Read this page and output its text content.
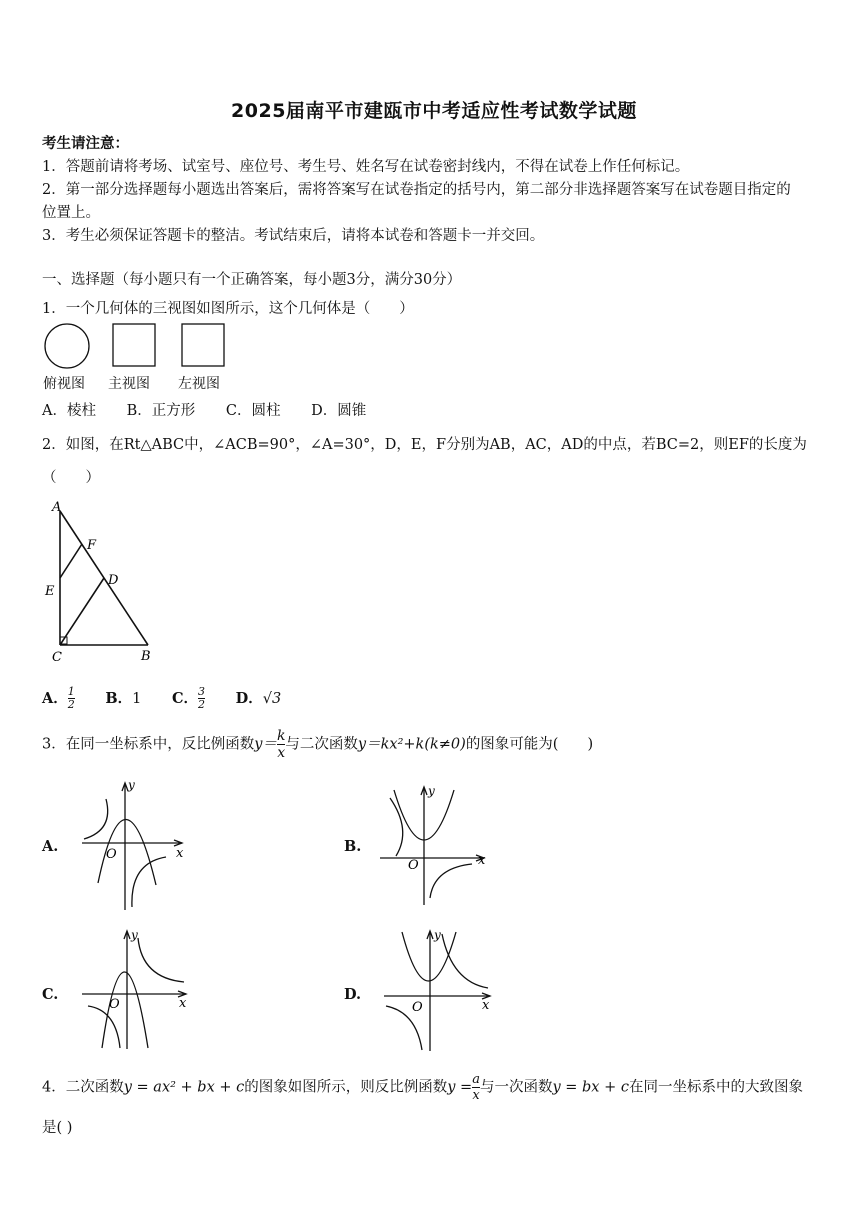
2025届南平市建瓯市中考适应性考试数学试题
考生请注意：
1．答题前请将考场、试室号、座位号、考生号、姓名写在试卷密封线内，不得在试卷上作任何标记。
2．第一部分选择题每小题选出答案后，需将答案写在试卷指定的括号内，第二部分非选择题答案写在试卷题目指定的
位置上。
3．考生必须保证答题卡的整洁。考试结束后，请将本试卷和答题卡一并交回。
一、选择题（每小题只有一个正确答案，每小题3分，满分30分）
1．一个几何体的三视图如图所示，这个几何体是（　　）
俯视图 主视图 左视图
A．棱柱 B．正方形 C．圆柱 D．圆锥
2．如图，在Rt△ABC中，∠ACB=90°，∠A=30°，D，E，F分别为AB，AC，AD的中点，若BC=2，则EF的长度为
（　　）
A
F
D
E
C	B
A． $\frac{1}{2}$ B．1 C． $\frac{3}{2}$ D．√3
3．在同一坐标系中，反比例函数$y= \frac{k}{x}$ 与二次函数y＝kx²+k(k≠0)的图象可能为(　　)
A.	B.
C.	D.
y
x
O
y
x
O
y
x
O
y
x
O
4．二次函数y = ax² + bx + c的图象如图所示，则反比例函数$y = \frac{a}{x}$ 与一次函数y = bx + c在同一坐标系中的大致图象
是( )
